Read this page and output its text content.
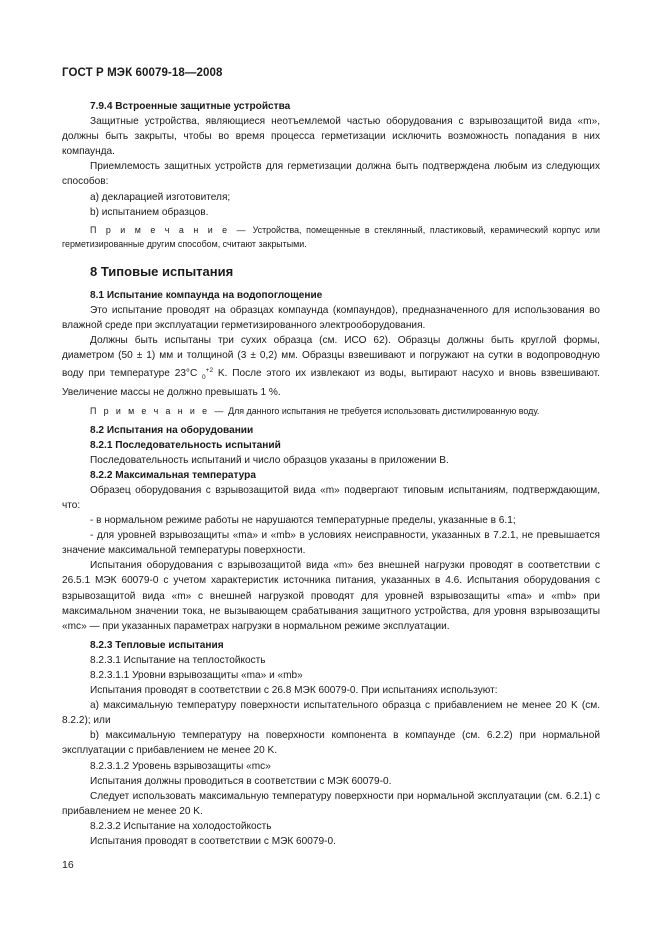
ГОСТ Р МЭК 60079-18—2008

7.9.4 Встроенные защитные устройства

Защитные устройства, являющиеся неотъемлемой частью оборудования с взрывозащитой вида «m», должны быть закрыты, чтобы во время процесса герметизации исключить возможность попадания в них компаунда.

Приемлемость защитных устройств для герметизации должна быть подтверждена любым из следующих способов:

а) декларацией изготовителя;

b) испытанием образцов.

П р и м е ч а н и е — Устройства, помещенные в стеклянный, пластиковый, керамический корпус или герметизированные другим способом, считают закрытыми.

8 Типовые испытания

8.1 Испытание компаунда на водопоглощение

Это испытание проводят на образцах компаунда (компаундов), предназначенного для использования во влажной среде при эксплуатации герметизированного электрооборудования.

Должны быть испытаны три сухих образца (см. ИСО 62). Образцы должны быть круглой формы, диаметром (50 ± 1) мм и толщиной (3 ± 0,2) мм. Образцы взвешивают и погружают на сутки в водопроводную воду при температуре 23°C $_0^{+2}$ K. После этого их извлекают из воды, вытирают насухо и вновь взвешивают. Увеличение массы не должно превышать 1 %.

П р и м е ч а н и е — Для данного испытания не требуется использовать дистилированную воду.

8.2 Испытания на оборудовании

8.2.1 Последовательность испытаний

Последовательность испытаний и число образцов указаны в приложении В.

8.2.2 Максимальная температура

Образец оборудования с взрывозащитой вида «m» подвергают типовым испытаниям, подтверждающим, что:

- в нормальном режиме работы не нарушаются температурные пределы, указанные в 6.1;

- для уровней взрывозащиты «ma» и «mb» в условиях неисправности, указанных в 7.2.1, не превышается значение максимальной температуры поверхности.

Испытания оборудования с взрывозащитой вида «m» без внешней нагрузки проводят в соответствии с 26.5.1 МЭК 60079-0 с учетом характеристик источника питания, указанных в 4.6. Испытания оборудования с взрывозащитой вида «m» с внешней нагрузкой проводят для уровней взрывозащиты «ma» и «mb» при максимальном значении тока, не вызывающем срабатывания защитного устройства, для уровня взрывозащиты «mc» — при указанных параметрах нагрузки в нормальном режиме эксплуатации.

8.2.3 Тепловые испытания

8.2.3.1 Испытание на теплостойкость

8.2.3.1.1 Уровни взрывозащиты «ma» и «mb»

Испытания проводят в соответствии с 26.8 МЭК 60079-0. При испытаниях используют:

а) максимальную температуру поверхности испытательного образца с прибавлением не менее 20 K (см. 8.2.2); или

b) максимальную температуру на поверхности компонента в компаунде (см. 6.2.2) при нормальной эксплуатации с прибавлением не менее 20 K.

8.2.3.1.2 Уровень взрывозащиты «mc»

Испытания должны проводиться в соответствии с МЭК 60079-0.

Следует использовать максимальную температуру поверхности при нормальной эксплуатации (см. 6.2.1) с прибавлением не менее 20 K.

8.2.3.2 Испытание на холодостойкость

Испытания проводят в соответствии с МЭК 60079-0.

16
